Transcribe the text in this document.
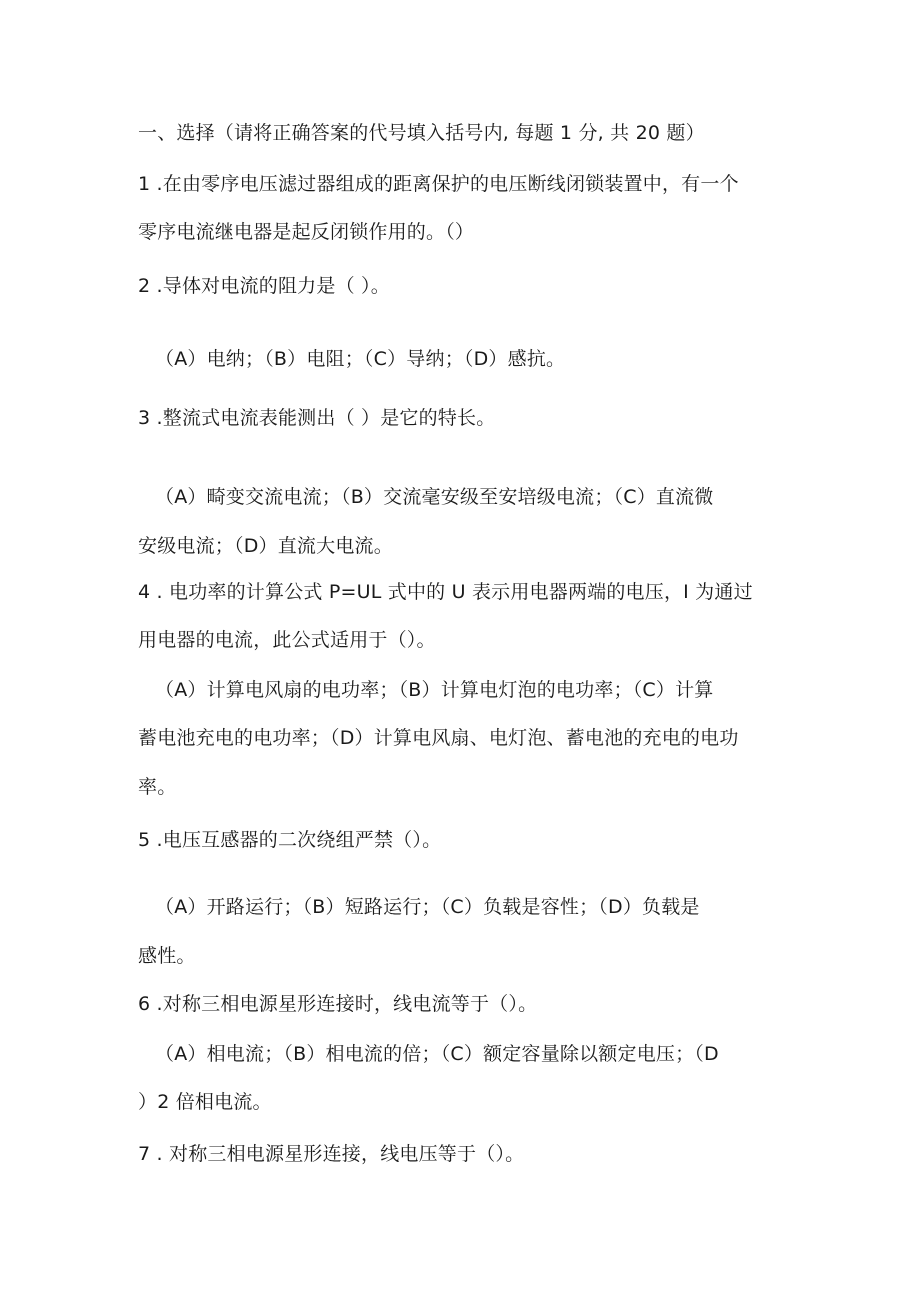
一、选择（请将正确答案的代号填入括号内, 每题 1 分, 共 20 题）
1 .在由零序电压滤过器组成的距离保护的电压断线闭锁装置中，有一个
零序电流继电器是起反闭锁作用的。（）
2 .导体对电流的阻力是（ ）。
（A）电纳；（B）电阻；（C）导纳；（D）感抗。
3 .整流式电流表能测出（ ）是它的特长。
（A）畸变交流电流；（B）交流毫安级至安培级电流；（C）直流微
安级电流；（D）直流大电流。
4 . 电功率的计算公式 P=UL 式中的 U 表示用电器两端的电压，I 为通过
用电器的电流，此公式适用于（）。
（A）计算电风扇的电功率；（B）计算电灯泡的电功率；（C）计算
蓄电池充电的电功率；（D）计算电风扇、电灯泡、蓄电池的充电的电功
率。
5 .电压互感器的二次绕组严禁（）。
（A）开路运行；（B）短路运行；（C）负载是容性；（D）负载是
感性。
6 .对称三相电源星形连接时，线电流等于（）。
（A）相电流；（B）相电流的倍；（C）额定容量除以额定电压；（D
）2 倍相电流。
7 . 对称三相电源星形连接，线电压等于（）。
